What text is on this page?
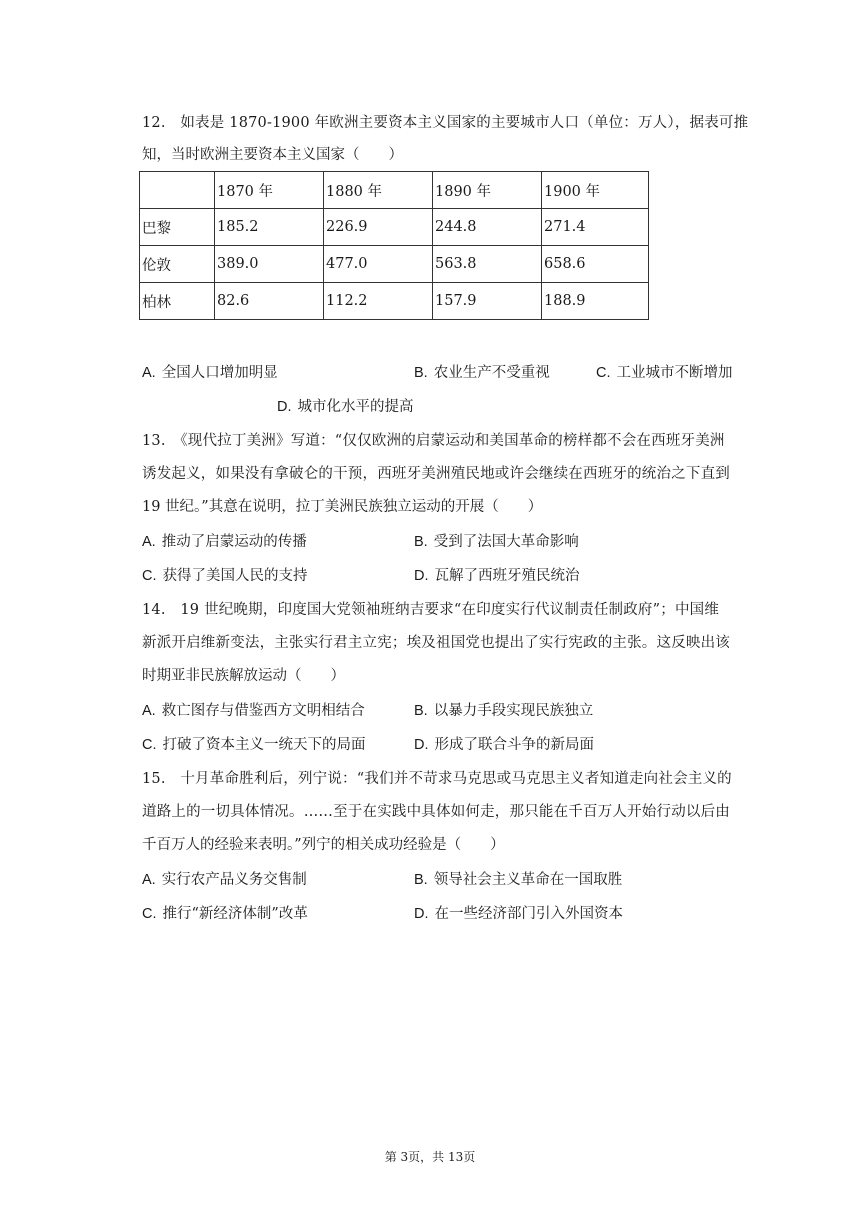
12.　如表是 1870-1900 年欧洲主要资本主义国家的主要城市人口（单位：万人），据表可推
知，当时欧洲主要资本主义国家（　　）
	1870 年	1880 年	1890 年	1900 年
巴黎	185.2	226.9	244.8	271.4
伦敦	389.0	477.0	563.8	658.6
柏林	82.6	112.2	157.9	188.9
A. 全国人口增加明显	B. 农业生产不受重视	C. 工业城市不断增加
D. 城市化水平的提高
13.　《现代拉丁美洲》写道：“仅仅欧洲的启蒙运动和美国革命的榜样都不会在西班牙美洲
诱发起义，如果没有拿破仑的干预，西班牙美洲殖民地或许会继续在西班牙的统治之下直到
19 世纪。”其意在说明，拉丁美洲民族独立运动的开展（　　）
A. 推动了启蒙运动的传播	B. 受到了法国大革命影响
C. 获得了美国人民的支持	D. 瓦解了西班牙殖民统治
14.　19 世纪晚期，印度国大党领袖班纳吉要求“在印度实行代议制责任制政府”；中国维
新派开启维新变法，主张实行君主立宪；埃及祖国党也提出了实行宪政的主张。这反映出该
时期亚非民族解放运动（　　）
A. 救亡图存与借鉴西方文明相结合	B. 以暴力手段实现民族独立
C. 打破了资本主义一统天下的局面	D. 形成了联合斗争的新局面
15.　十月革命胜利后，列宁说：“我们并不苛求马克思或马克思主义者知道走向社会主义的
道路上的一切具体情况。……至于在实践中具体如何走，那只能在千百万人开始行动以后由
千百万人的经验来表明。”列宁的相关成功经验是（　　）
A. 实行农产品义务交售制	B. 领导社会主义革命在一国取胜
C. 推行“新经济体制”改革	D. 在一些经济部门引入外国资本
第 3页，共 13页
